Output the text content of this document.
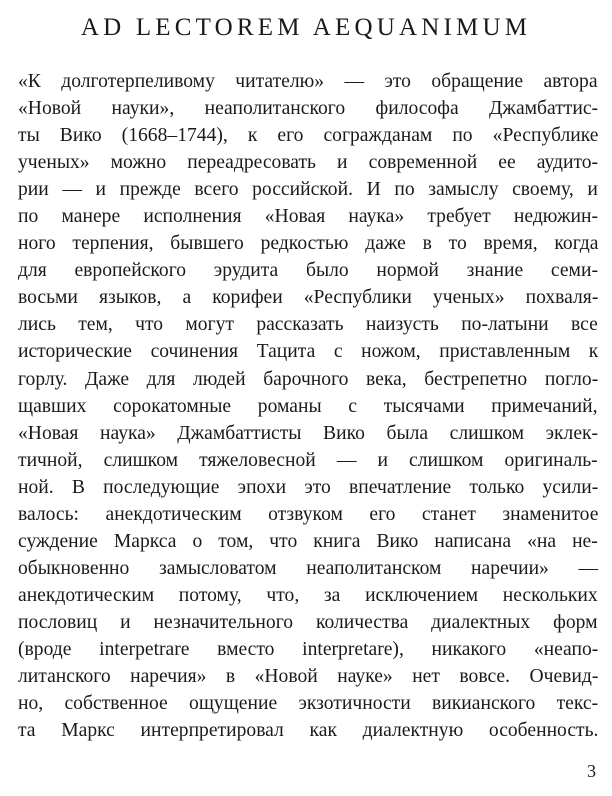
AD LECTOREM AEQUANIMUM
«К долготерпеливому читателю» — это обращение автора
«Новой науки», неаполитанского философа Джамбаттис-
ты Вико (1668–1744), к его согражданам по «Республике
ученых» можно переадресовать и современной ее аудито-
рии — и прежде всего российской. И по замыслу своему, и
по манере исполнения «Новая наука» требует недюжин-
ного терпения, бывшего редкостью даже в то время, когда
для европейского эрудита было нормой знание семи-
восьми языков, а корифеи «Республики ученых» похваля-
лись тем, что могут рассказать наизусть по-латыни все
исторические сочинения Тацита с ножом, приставленным к
горлу. Даже для людей барочного века, бестрепетно погло-
щавших сорокатомные романы с тысячами примечаний,
«Новая наука» Джамбаттисты Вико была слишком эклек-
тичной, слишком тяжеловесной — и слишком оригиналь-
ной. В последующие эпохи это впечатление только усили-
валось: анекдотическим отзвуком его станет знаменитое
суждение Маркса о том, что книга Вико написана «на не-
обыкновенно замысловатом неаполитанском наречии» —
анекдотическим потому, что, за исключением нескольких
пословиц и незначительного количества диалектных форм
(вроде interpetrare вместо interpretare), никакого «неапо-
литанского наречия» в «Новой науке» нет вовсе. Очевид-
но, собственное ощущение экзотичности викианского текс-
та Маркс интерпретировал как диалектную особенность.
3
